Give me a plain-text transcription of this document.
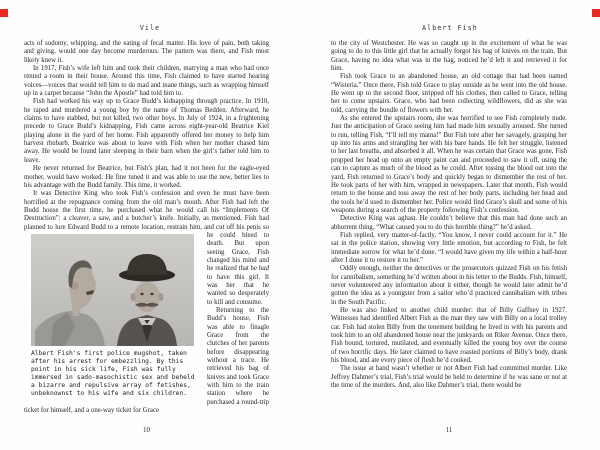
Vile

acts of sodomy, whipping, and the eating of fecal matter. His love of pain, both taking and giving, would one day become murderous. The pattern was there, and Fish most likely knew it.

In 1917, Fish’s wife left him and took their children, marrying a man who had once rented a room in their house. Around this time, Fish claimed to have started hearing voices—voices that would tell him to do mad and inane things, such as wrapping himself up in a carpet because “John the Apostle” had told him to.

Fish had worked his way up to Grace Budd’s kidnapping through practice. In 1910, he raped and murdered a young boy by the name of Thomas Bedden. Afterward, he claims to have stabbed, but not killed, two other boys. In July of 1924, in a frightening precede to Grace Budd’s kidnapping, Fish came across eight-year-old Beatrice Kiel playing alone in the yard of her home. Fish apparently offered her money to help him harvest rhubarb. Beatrice was about to leave with Fish when her mother chased him away. He would be found later sleeping in their barn when the girl’s father told him to leave.

He never returned for Beatrice, but Fish’s plan, had it not been for the eagle-eyed mother, would have worked. He fine tuned it and was able to use the new, better lies to his advantage with the Budd family. This time, it worked.

It was Detective King who took Fish’s confession and even he must have been horrified at the repugnance coming from the old man’s mouth. After Fish had left the Budd house the first time, he purchased what he would call his “Implements Of Destruction”: a cleaver, a saw, and a butcher’s knife. Initially, as mentioned, Fish had planned to lure Edward Budd to a remote location, restrain him, and
Albert Fish's first police mugshot, taken after his arrest for embezzling. By this point in his sick life, Fish was fully immersed in sado-masochistic sex and beheld a bizarre and repulsive array of fetishes, unbeknownst to his wife and six children.
cut off his penis so he could bleed to death. But upon seeing Grace, Fish changed his mind and he realized that he had to have this girl. It was her that he wanted so desperately to kill and consume.

Returning to the Budd’s house, Fish was able to finagle Grace from the clutches of her parents before disappearing without a trace. He retrieved his bag of knives and took Grace with him to the train station where he purchased a round-trip ticket for himself, and a one-way ticket for Grace

10
Albert Fish

to the city of Westchester. He was so caught up in the excitement of what he was going to do to this little girl that he actually forgot his bag of knives on the train. But Grace, having no idea what was in the bag, noticed he’d left it and retrieved it for him.

Fish took Grace to an abandoned house, an old cottage that had been named “Wisteria.” Once there, Fish told Grace to play outside as he went into the old house. He went up to the second floor, stripped off his clothes, then called to Grace, telling her to come upstairs. Grace, who had been collecting wildflowers, did as she was told, carrying the bundle of flowers with her.

As she entered the upstairs room, she was horrified to see Fish completely nude. Just the anticipation of Grace seeing him had made him sexually aroused. She turned to run, telling Fish, “I’ll tell my mama!” But Fish tore after her savagely, grasping her up into his arms and strangling her with his bare hands. He felt her struggle, listened to her last breaths, and absorbed it all. When he was certain that Grace was gone, Fish propped her head up onto an empty paint can and proceeded to saw it off, using the can to capture as much of the blood as he could. After tossing the blood out into the yard, Fish returned to Grace’s body and quickly began to dismember the rest of her. He took parts of her with him, wrapped in newspapers. Later that month, Fish would return to the house and toss away the rest of her body parts, including her head and the tools he’d used to dismember her. Police would find Grace’s skull and some of his weapons during a search of the property following Fish’s confession.

Detective King was aghast. He couldn’t believe that this man had done such an abhorrent thing. “What caused you to do this horrible thing?” he’d asked.

Fish replied, very matter-of-factly, “You know, I never could account for it.” He sat in the police station, showing very little emotion, but according to Fish, he felt immediate sorrow for what he’d done. “I would have given my life within a half-hour after I done it to restore it to her.”

Oddly enough, neither the detectives or the prosecutors quizzed Fish on his fetish for cannibalism, something he’d written about in his letter to the Budds. Fish, himself, never volunteered any information about it either, though he would later admit he’d gotten the idea as a youngster from a sailor who’d practiced cannibalism with tribes in the South Pacific.

He was also linked to another child murder: that of Billy Gaffney in 1927. Witnesses had identified Albert Fish as the man they saw with Billy on a local trolley car. Fish had stolen Billy from the tenement building he lived in with his parents and took him to an old abandoned house near the junkyards on Riker Avenue. Once there, Fish bound, tortured, mutilated, and eventually killed the young boy over the course of two horrific days. He later claimed to have roasted portions of Billy’s body, drank his blood, and ate every piece of flesh he’d cooked.

The issue at hand wasn’t whether or not Albert Fish had committed murder. Like Jeffrey Dahmer’s trial, Fish’s trial would be held to determine if he was sane or not at the time of the murders. And, also like Dahmer’s trial, there would be

11
